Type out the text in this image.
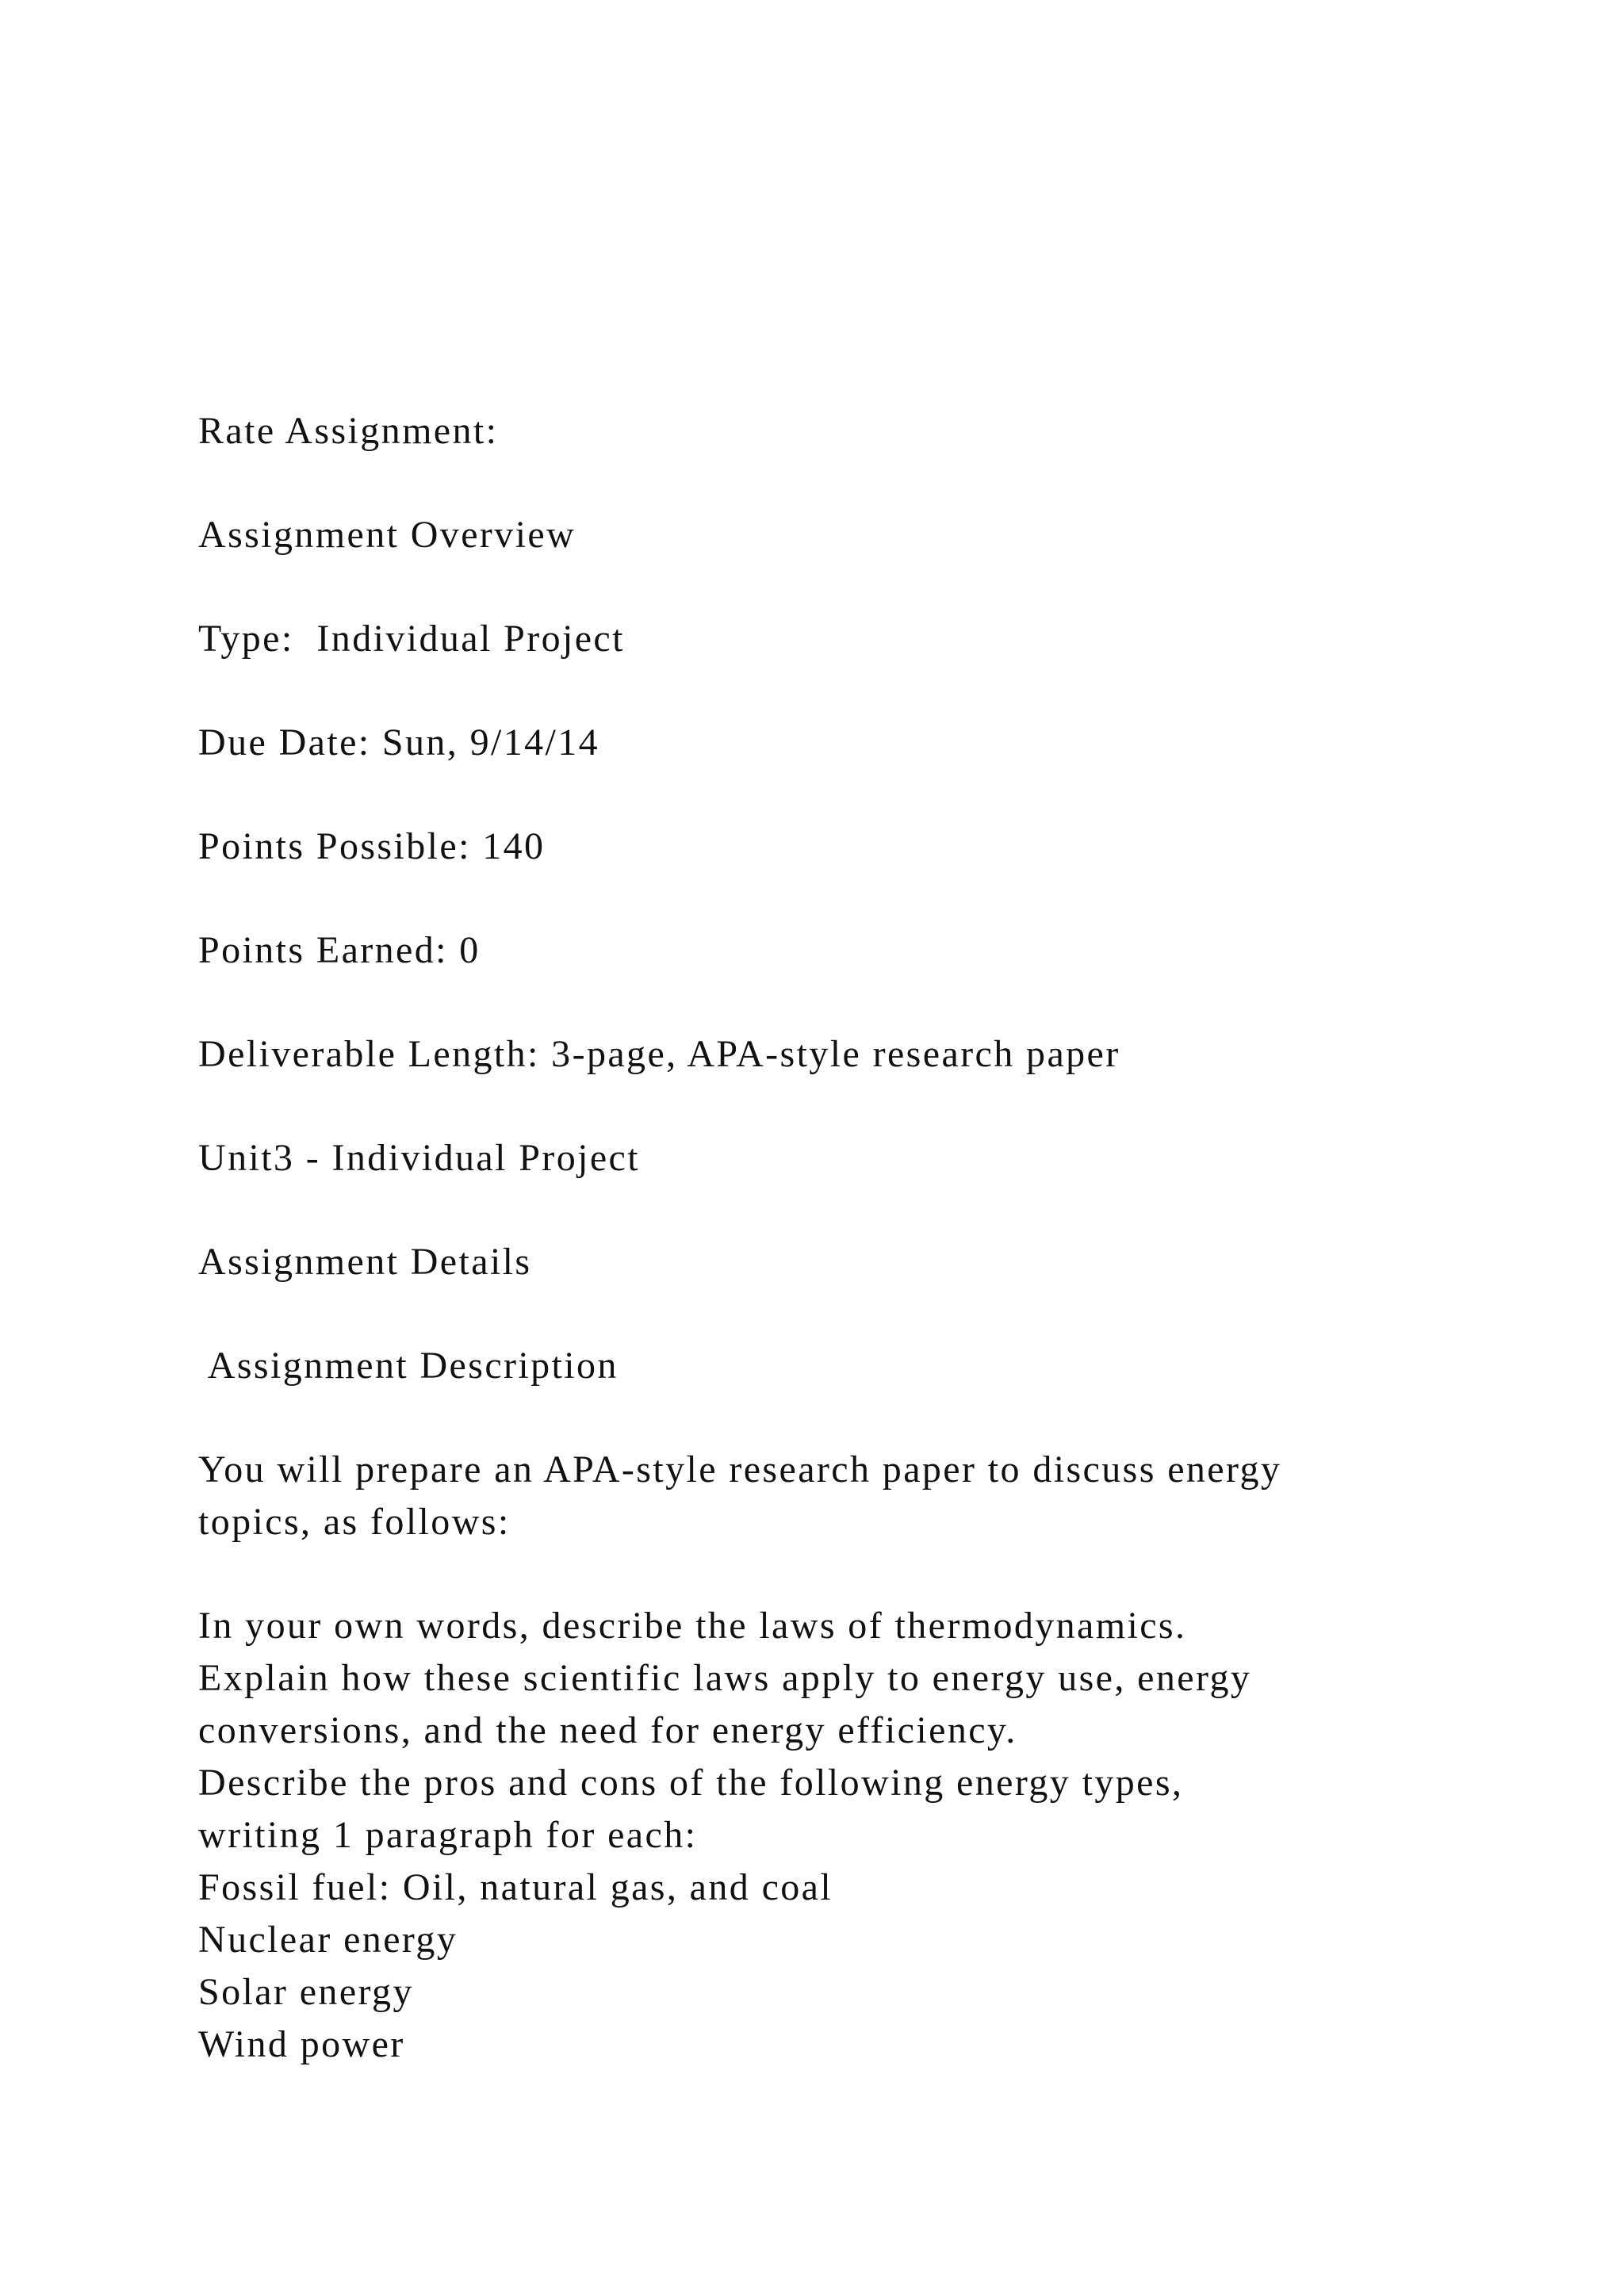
Rate Assignment:

Assignment Overview

Type:  Individual Project

Due Date: Sun, 9/14/14

Points Possible: 140

Points Earned: 0

Deliverable Length: 3-page, APA-style research paper

Unit3 - Individual Project

Assignment Details

Assignment Description

You will prepare an APA-style research paper to discuss energy

topics, as follows:

In your own words, describe the laws of thermodynamics.

Explain how these scientific laws apply to energy use, energy

conversions, and the need for energy efficiency.

Describe the pros and cons of the following energy types,

writing 1 paragraph for each:

Fossil fuel: Oil, natural gas, and coal

Nuclear energy

Solar energy

Wind power
